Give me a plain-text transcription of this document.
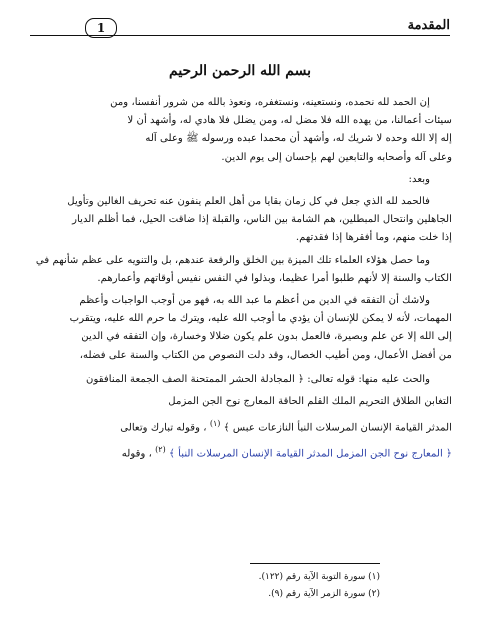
المقدمة
1
بسم الله الرحمن الرحيم

إن الحمد لله نحمده، ونستعينه، ونستغفره، ونعوذ بالله من شرور أنفسنا، ومن
سيئات أعمالنا، من يهده الله فلا مضل له، ومن يضلل فلا هادي له، وأشهد أن لا
إله إلا الله وحده لا شريك له، وأشهد أن محمدا عبده ورسوله ﷺ وعلى آله
وعلى آله وأصحابه والتابعين لهم بإحسان إلى يوم الدين.

وبعد:

فالحمد لله الذي جعل في كل زمان بقايا من أهل العلم ينفون عنه تحريف الغالين وتأويل
الجاهلين وانتحال المبطلين، هم الشامة بين الناس، والقبلة إذا ضاقت الحيل، فما أظلم الديار
إذا خلت منهم، وما أفقرها إذا فقدتهم.

وما حصل هؤلاء العلماء تلك الميزة بين الخلق والرفعة عندهم، بل والتنويه على عظم شأنهم في
الكتاب والسنة إلا لأنهم طلبوا أمرا عظيما، وبذلوا في النفس نفيس أوقاتهم وأعمارهم.

ولاشك أن التفقه في الدين من أعظم ما عبد الله به، فهو من أوجب الواجبات وأعظم
المهمات، لأنه لا يمكن للإنسان أن يؤدي ما أوجب الله عليه، ويترك ما حرم الله عليه، ويتقرب
إلى الله إلا عن علم وبصيرة، فالعمل بدون علم يكون ضلالا وخسارة، وإن التفقه في الدين
من أفضل الأعمال، ومن أطيب الخصال، وقد دلت النصوص من الكتاب والسنة على فضله،

والحث عليه منها: قوله تعالى: ﴿ المجادلة الحشر الممتحنة الصف الجمعة المنافقون
التغابن الطلاق التحريم الملك القلم الحاقة المعارج نوح الجن المزمل
المدثر القيامة الإنسان المرسلات النبأ النازعات عبس ﴾ $^{(١)}$ ، وقوله تبارك وتعالى
﴿ المعارج نوح الجن المزمل المدثر القيامة الإنسان المرسلات النبأ ﴾ $^{(٢)}$ ، وقوله

(١) سورة التوبة الآية رقم (١٢٢).
(٢) سورة الزمر الآية رقم (٩).
